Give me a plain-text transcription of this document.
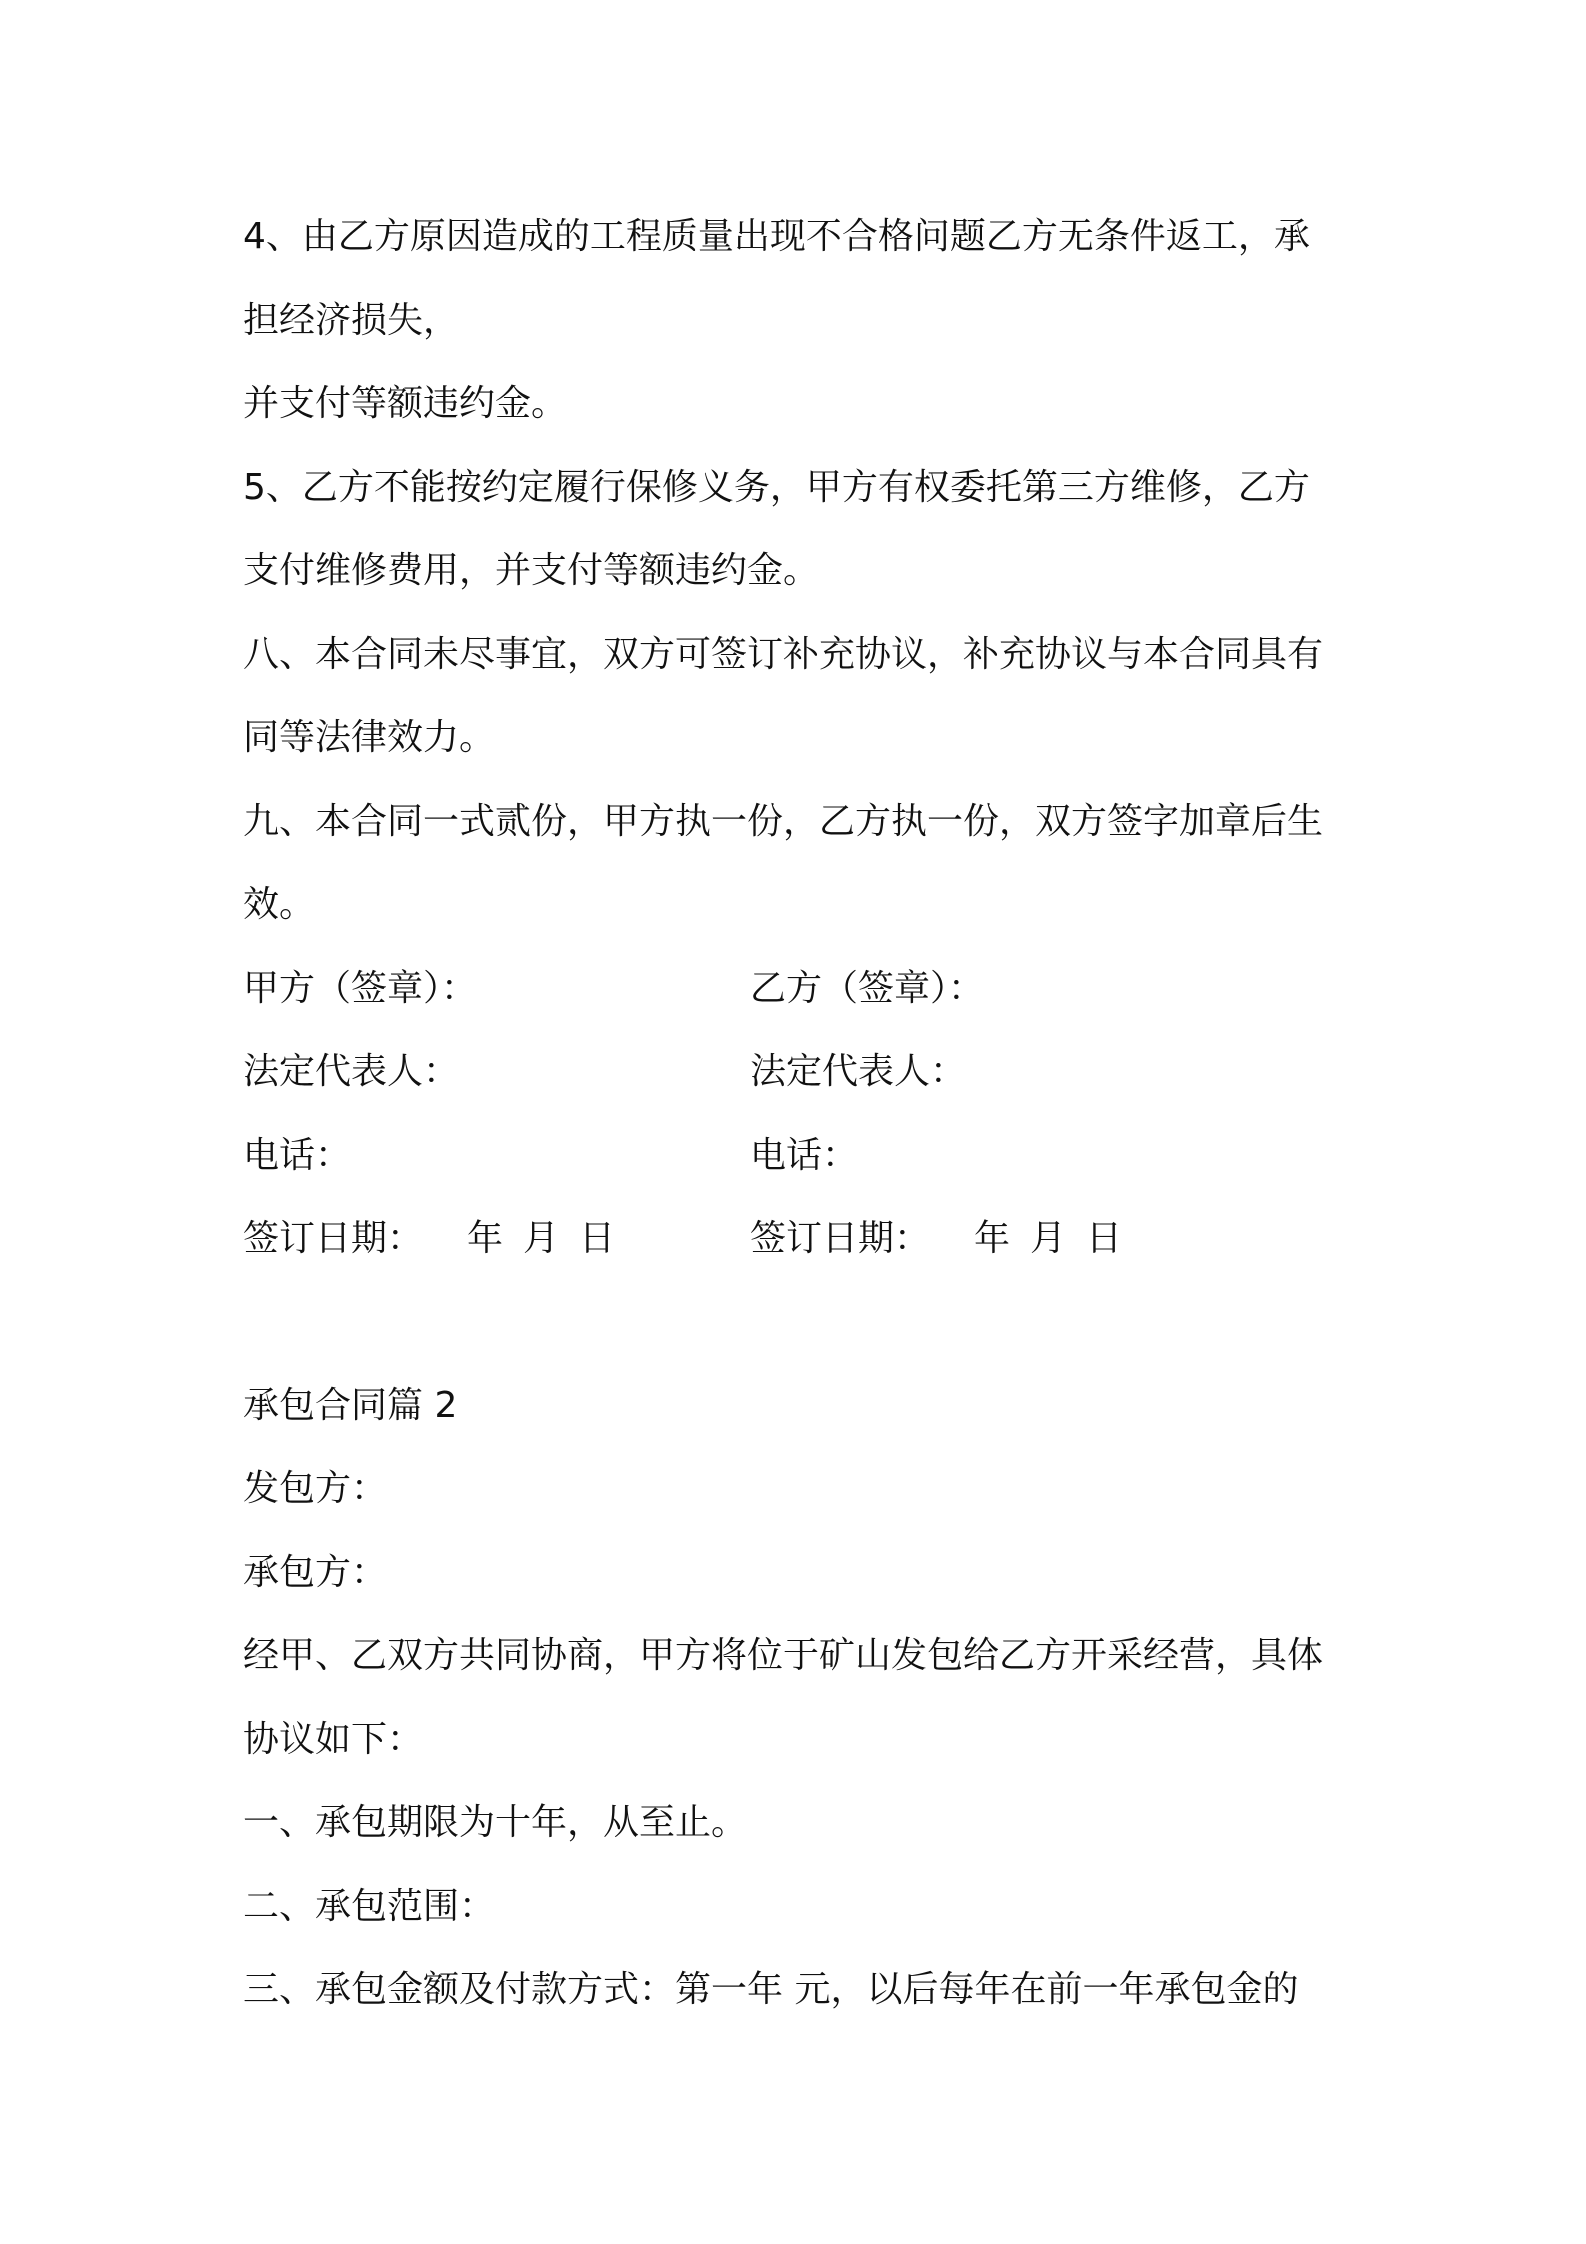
4、由乙方原因造成的工程质量出现不合格问题乙方无条件返工，承
担经济损失，
并支付等额违约金。
5、乙方不能按约定履行保修义务，甲方有权委托第三方维修，乙方
支付维修费用，并支付等额违约金。
八、本合同未尽事宜，双方可签订补充协议，补充协议与本合同具有
同等法律效力。
九、本合同一式贰份，甲方执一份，乙方执一份，双方签字加章后生
效。
甲方（签章）：	乙方（签章）：
法定代表人：	法定代表人：
电话：	电话：
签订日期： 年 月 日	签订日期： 年 月 日
承包合同篇 2
发包方：
承包方：
经甲、乙双方共同协商，甲方将位于矿山发包给乙方开采经营，具体
协议如下：
一、承包期限为十年，从至止。
二、承包范围：
三、承包金额及付款方式：第一年 元，以后每年在前一年承包金的
